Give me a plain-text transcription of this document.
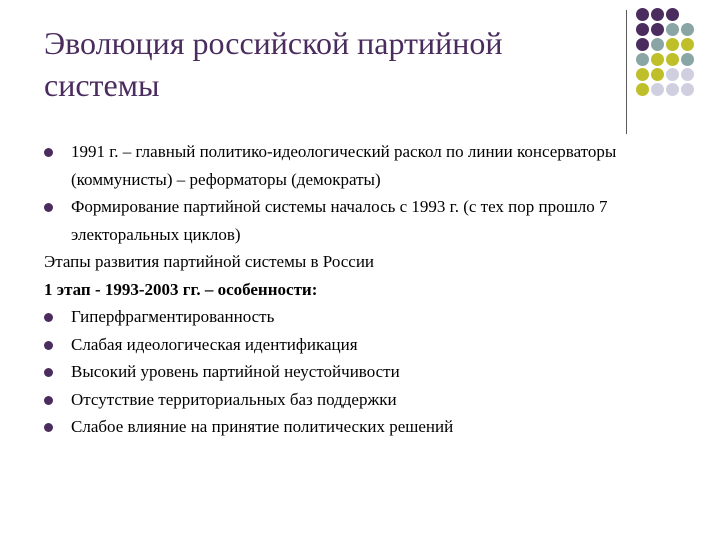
Эволюция российской партийной системы
1991 г. – главный политико-идеологический раскол по линии консерваторы (коммунисты) – реформаторы (демократы)
Формирование партийной системы началось с 1993 г. (с тех пор прошло 7 электоральных циклов)
Этапы развития партийной системы в России
1 этап - 1993-2003 гг. – особенности:
Гиперфрагментированность
Слабая идеологическая идентификация
Высокий уровень партийной неустойчивости
Отсутствие территориальных баз поддержки
Слабое влияние на принятие политических решений
